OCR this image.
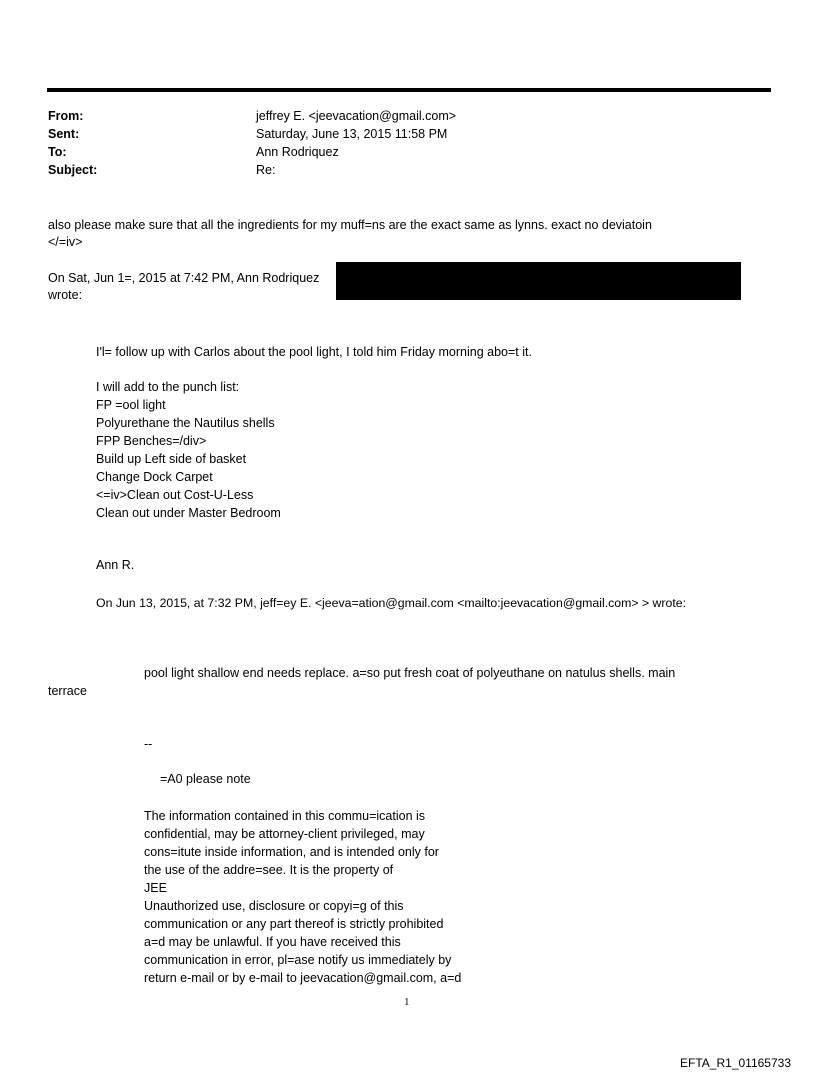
From:	jeffrey E. <jeevacation@gmail.com>
Sent:	Saturday, June 13, 2015 11:58 PM
To:	Ann Rodriquez
Subject:	Re:
also please make sure that all the ingredients for my muff=ns are the exact same as lynns. exact no deviatoin
</=iv>
On Sat, Jun 1=, 2015 at 7:42 PM, Ann Rodriquez
wrote:
I'l= follow up with Carlos about the pool light, I told him Friday morning abo=t it.
I will add to the punch list:
FP =ool light
Polyurethane the Nautilus shells
FPP Benches=/div>
Build up Left side of basket
Change Dock Carpet
<=iv>Clean out Cost-U-Less
Clean out under Master Bedroom
Ann R.
On Jun 13, 2015, at 7:32 PM, jeff=ey E. <jeeva=ation@gmail.com <mailto:jeevacation@gmail.com> > wrote:
pool light shallow end needs replace. a=so put fresh coat of polyeuthane on natulus shells. main
terrace
--
=A0 please note
The information contained in this commu=ication is
confidential, may be attorney-client privileged, may
cons=itute inside information, and is intended only for
the use of the addre=see. It is the property of
JEE
Unauthorized use, disclosure or copyi=g of this
communication or any part thereof is strictly prohibited
a=d may be unlawful. If you have received this
communication in error, pl=ase notify us immediately by
return e-mail or by e-mail to jeevacation@gmail.com, a=d
1
EFTA_R1_01165733
